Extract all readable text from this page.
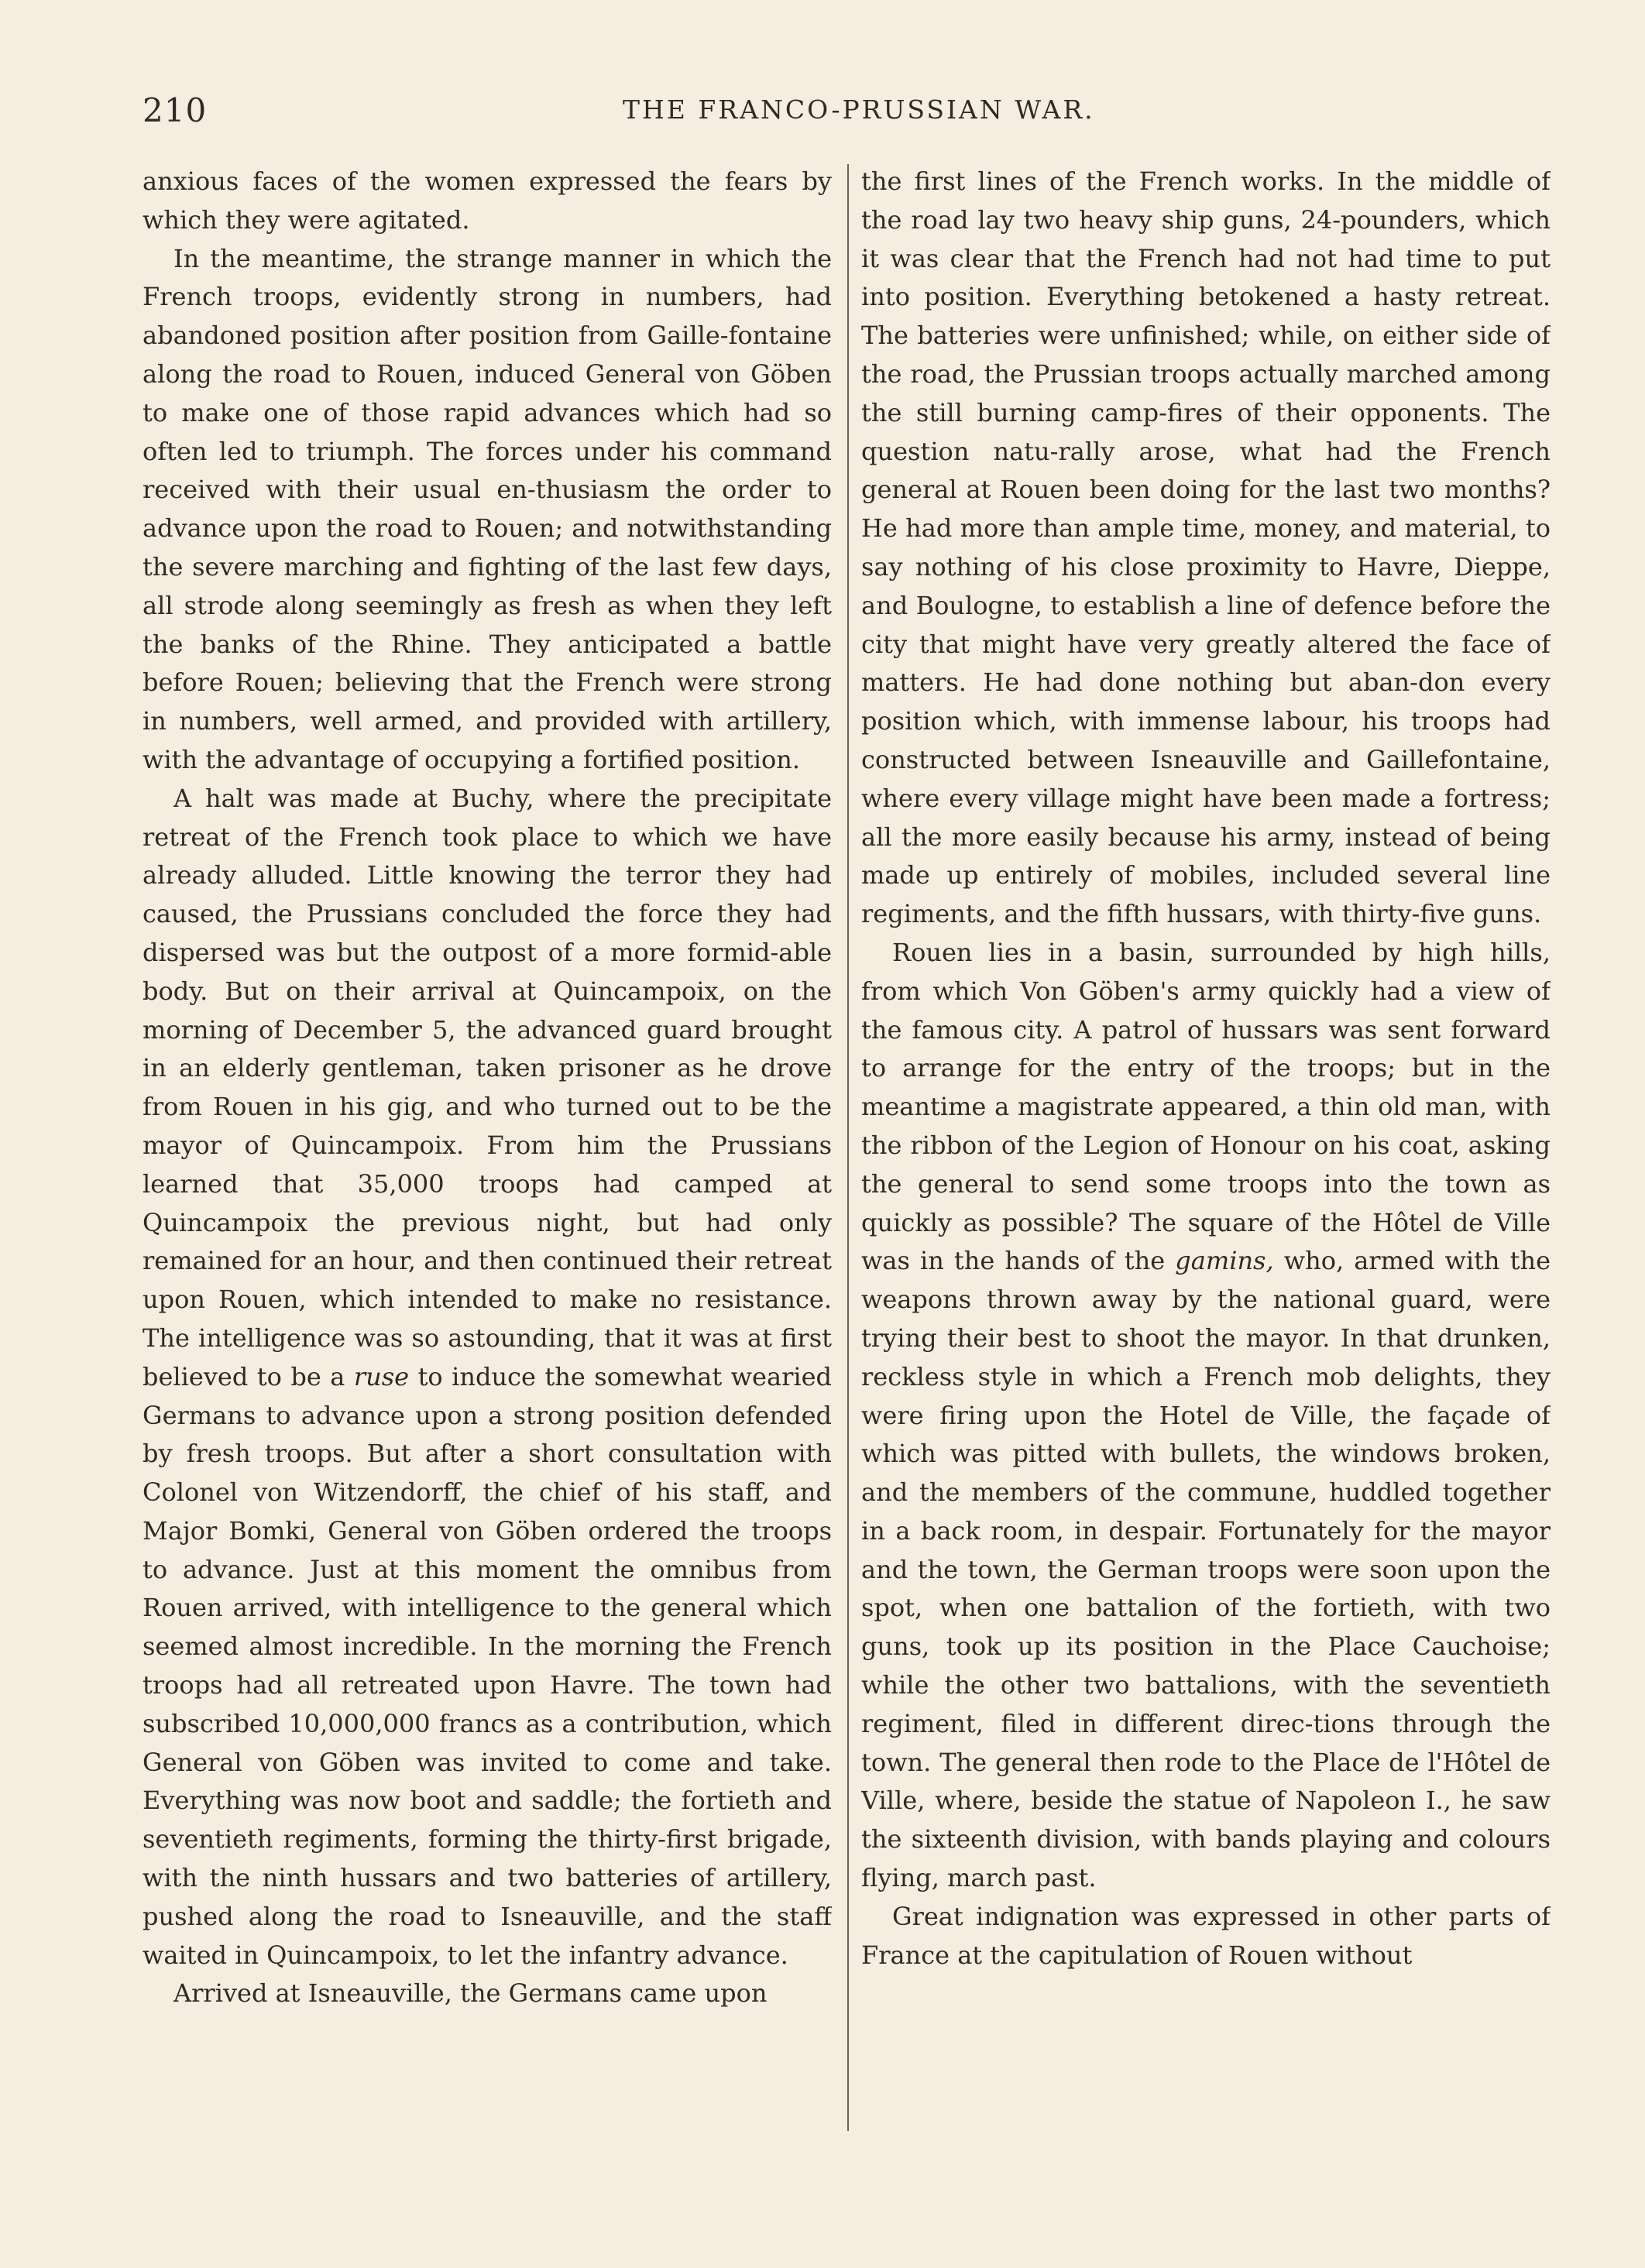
210	THE FRANCO-PRUSSIAN WAR.

anxious faces of the women expressed the fears by which they were agitated.

In the meantime, the strange manner in which the French troops, evidently strong in numbers, had abandoned position after position from Gaille-fontaine along the road to Rouen, induced General von Göben to make one of those rapid advances which had so often led to triumph. The forces under his command received with their usual en-thusiasm the order to advance upon the road to Rouen; and notwithstanding the severe marching and fighting of the last few days, all strode along seemingly as fresh as when they left the banks of the Rhine. They anticipated a battle before Rouen; believing that the French were strong in numbers, well armed, and provided with artillery, with the advantage of occupying a fortified position.

A halt was made at Buchy, where the precipitate retreat of the French took place to which we have already alluded. Little knowing the terror they had caused, the Prussians concluded the force they had dispersed was but the outpost of a more formid-able body. But on their arrival at Quincampoix, on the morning of December 5, the advanced guard brought in an elderly gentleman, taken prisoner as he drove from Rouen in his gig, and who turned out to be the mayor of Quincampoix. From him the Prussians learned that 35,000 troops had camped at Quincampoix the previous night, but had only remained for an hour, and then continued their retreat upon Rouen, which intended to make no resistance. The intelligence was so astounding, that it was at first believed to be a ruse to induce the somewhat wearied Germans to advance upon a strong position defended by fresh troops. But after a short consultation with Colonel von Witzendorff, the chief of his staff, and Major Bomki, General von Göben ordered the troops to advance. Just at this moment the omnibus from Rouen arrived, with intelligence to the general which seemed almost incredible. In the morning the French troops had all retreated upon Havre. The town had subscribed 10,000,000 francs as a contribution, which General von Göben was invited to come and take. Everything was now boot and saddle; the fortieth and seventieth regiments, forming the thirty-first brigade, with the ninth hussars and two batteries of artillery, pushed along the road to Isneauville, and the staff waited in Quincampoix, to let the infantry advance.

Arrived at Isneauville, the Germans came upon

the first lines of the French works. In the middle of the road lay two heavy ship guns, 24-pounders, which it was clear that the French had not had time to put into position. Everything betokened a hasty retreat. The batteries were unfinished; while, on either side of the road, the Prussian troops actually marched among the still burning camp-fires of their opponents. The question natu-rally arose, what had the French general at Rouen been doing for the last two months? He had more than ample time, money, and material, to say nothing of his close proximity to Havre, Dieppe, and Boulogne, to establish a line of defence before the city that might have very greatly altered the face of matters. He had done nothing but aban-don every position which, with immense labour, his troops had constructed between Isneauville and Gaillefontaine, where every village might have been made a fortress; all the more easily because his army, instead of being made up entirely of mobiles, included several line regiments, and the fifth hussars, with thirty-five guns.

Rouen lies in a basin, surrounded by high hills, from which Von Göben's army quickly had a view of the famous city. A patrol of hussars was sent forward to arrange for the entry of the troops; but in the meantime a magistrate appeared, a thin old man, with the ribbon of the Legion of Honour on his coat, asking the general to send some troops into the town as quickly as possible? The square of the Hôtel de Ville was in the hands of the gamins, who, armed with the weapons thrown away by the national guard, were trying their best to shoot the mayor. In that drunken, reckless style in which a French mob delights, they were firing upon the Hotel de Ville, the façade of which was pitted with bullets, the windows broken, and the members of the commune, huddled together in a back room, in despair. Fortunately for the mayor and the town, the German troops were soon upon the spot, when one battalion of the fortieth, with two guns, took up its position in the Place Cauchoise; while the other two battalions, with the seventieth regiment, filed in different direc-tions through the town. The general then rode to the Place de l'Hôtel de Ville, where, beside the statue of Napoleon I., he saw the sixteenth division, with bands playing and colours flying, march past.

Great indignation was expressed in other parts of France at the capitulation of Rouen without
